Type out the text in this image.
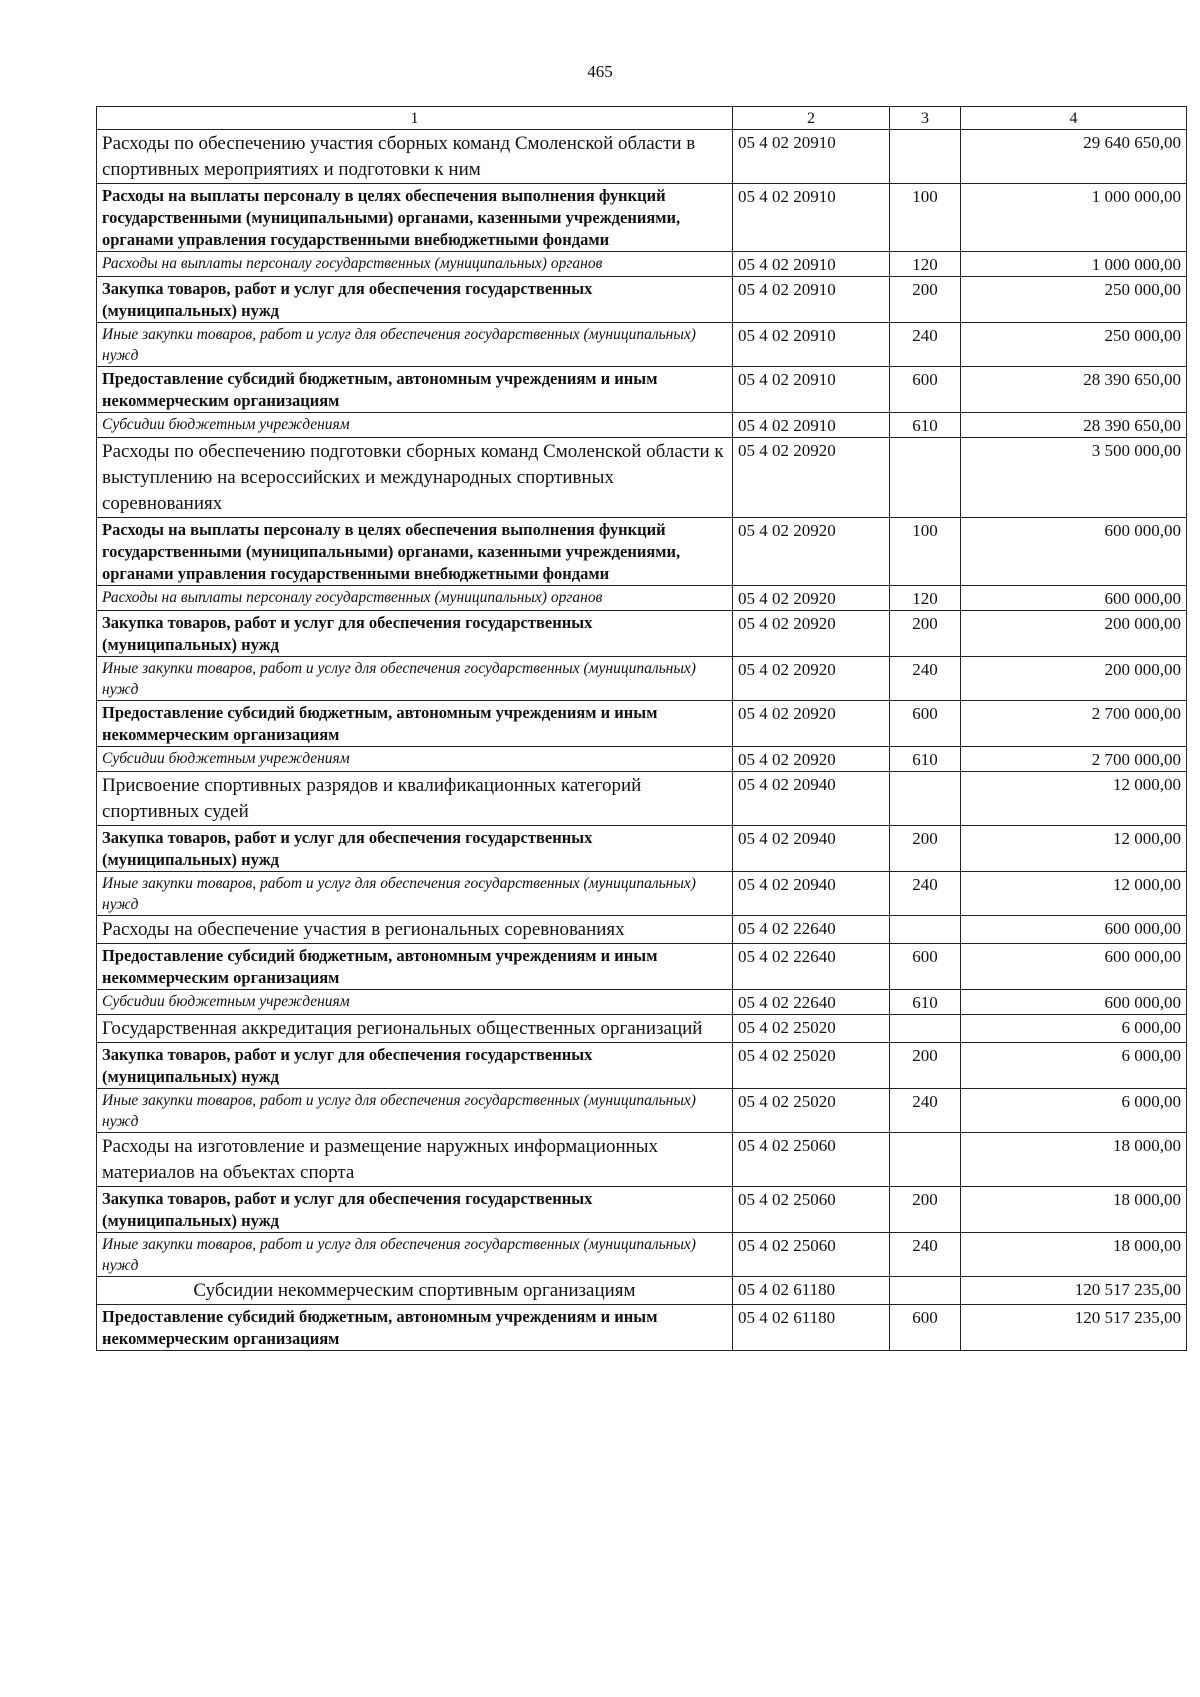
465
1	2	3	4
Расходы по обеспечению участия сборных команд Смоленской области в спортивных мероприятиях и подготовки к ним	05 4 02 20910		29 640 650,00
Расходы на выплаты персоналу в целях обеспечения выполнения функций государственными (муниципальными) органами, казенными учреждениями, органами управления государственными внебюджетными фондами	05 4 02 20910	100	1 000 000,00
Расходы на выплаты персоналу государственных (муниципальных) органов	05 4 02 20910	120	1 000 000,00
Закупка товаров, работ и услуг для обеспечения государственных (муниципальных) нужд	05 4 02 20910	200	250 000,00
Иные закупки товаров, работ и услуг для обеспечения государственных (муниципальных) нужд	05 4 02 20910	240	250 000,00
Предоставление субсидий бюджетным, автономным учреждениям и иным некоммерческим организациям	05 4 02 20910	600	28 390 650,00
Субсидии бюджетным учреждениям	05 4 02 20910	610	28 390 650,00
Расходы по обеспечению подготовки сборных команд Смоленской области к выступлению на всероссийских и международных спортивных соревнованиях	05 4 02 20920		3 500 000,00
Расходы на выплаты персоналу в целях обеспечения выполнения функций государственными (муниципальными) органами, казенными учреждениями, органами управления государственными внебюджетными фондами	05 4 02 20920	100	600 000,00
Расходы на выплаты персоналу государственных (муниципальных) органов	05 4 02 20920	120	600 000,00
Закупка товаров, работ и услуг для обеспечения государственных (муниципальных) нужд	05 4 02 20920	200	200 000,00
Иные закупки товаров, работ и услуг для обеспечения государственных (муниципальных) нужд	05 4 02 20920	240	200 000,00
Предоставление субсидий бюджетным, автономным учреждениям и иным некоммерческим организациям	05 4 02 20920	600	2 700 000,00
Субсидии бюджетным учреждениям	05 4 02 20920	610	2 700 000,00
Присвоение спортивных разрядов и квалификационных категорий спортивных судей	05 4 02 20940		12 000,00
Закупка товаров, работ и услуг для обеспечения государственных (муниципальных) нужд	05 4 02 20940	200	12 000,00
Иные закупки товаров, работ и услуг для обеспечения государственных (муниципальных) нужд	05 4 02 20940	240	12 000,00
Расходы на обеспечение участия в региональных соревнованиях	05 4 02 22640		600 000,00
Предоставление субсидий бюджетным, автономным учреждениям и иным некоммерческим организациям	05 4 02 22640	600	600 000,00
Субсидии бюджетным учреждениям	05 4 02 22640	610	600 000,00
Государственная аккредитация региональных общественных организаций	05 4 02 25020		6 000,00
Закупка товаров, работ и услуг для обеспечения государственных (муниципальных) нужд	05 4 02 25020	200	6 000,00
Иные закупки товаров, работ и услуг для обеспечения государственных (муниципальных) нужд	05 4 02 25020	240	6 000,00
Расходы на изготовление и размещение наружных информационных материалов на объектах спорта	05 4 02 25060		18 000,00
Закупка товаров, работ и услуг для обеспечения государственных (муниципальных) нужд	05 4 02 25060	200	18 000,00
Иные закупки товаров, работ и услуг для обеспечения государственных (муниципальных) нужд	05 4 02 25060	240	18 000,00
Субсидии некоммерческим спортивным организациям	05 4 02 61180		120 517 235,00
Предоставление субсидий бюджетным, автономным учреждениям и иным некоммерческим организациям	05 4 02 61180	600	120 517 235,00
